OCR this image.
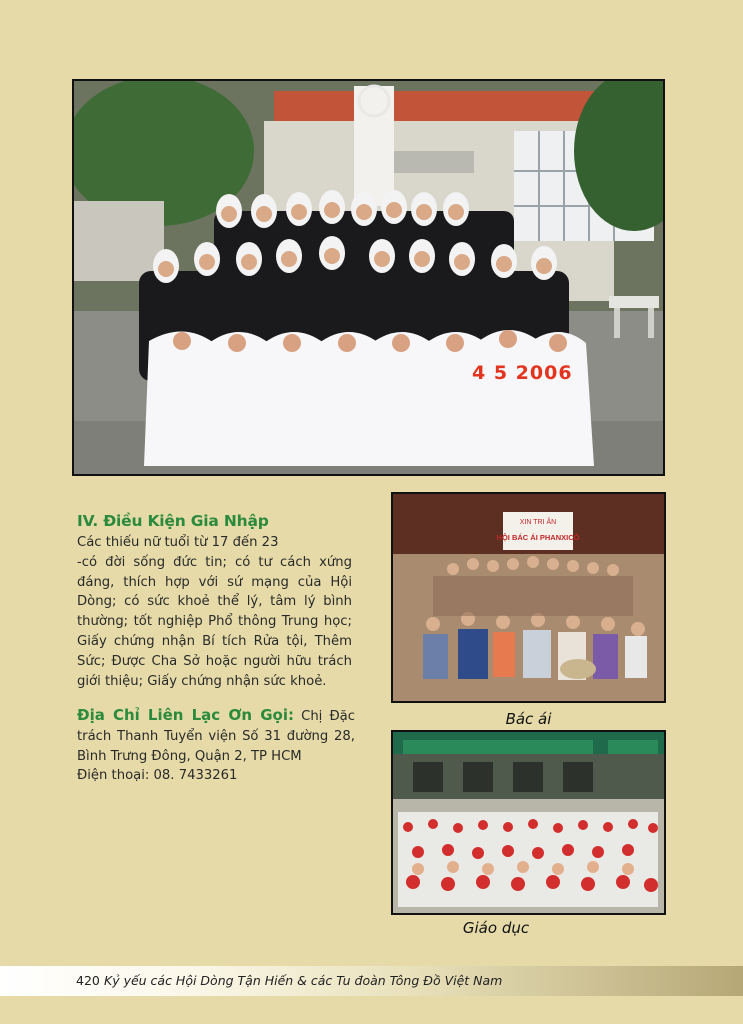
4 5 2006
IV. Điều Kiện Gia Nhập

Các thiếu nữ tuổi từ 17 đến 23

-có đời sống đức tin; có tư cách xứng đáng, thích hợp với sứ mạng của Hội Dòng; có sức khoẻ thể lý, tâm lý bình thường; tốt nghiệp Phổ thông Trung học; Giấy chứng nhận Bí tích Rửa tội, Thêm Sức; Được Cha Sở hoặc người hữu trách giới thiệu; Giấy chứng nhận sức khoẻ.

Địa Chỉ Liên Lạc Ơn Gọi: Chị Đặc trách Thanh Tuyển viện Số 31 đường 28, Bình Trưng Đông, Quận 2, TP HCM
Điện thoại: 08. 7433261
XIN TRI ÂN
HỘI BÁC ÁI PHANXICÔ
Bác ái
Giáo dục
420 Kỷ yếu các Hội Dòng Tận Hiến & các Tu đoàn Tông Đồ Việt Nam
